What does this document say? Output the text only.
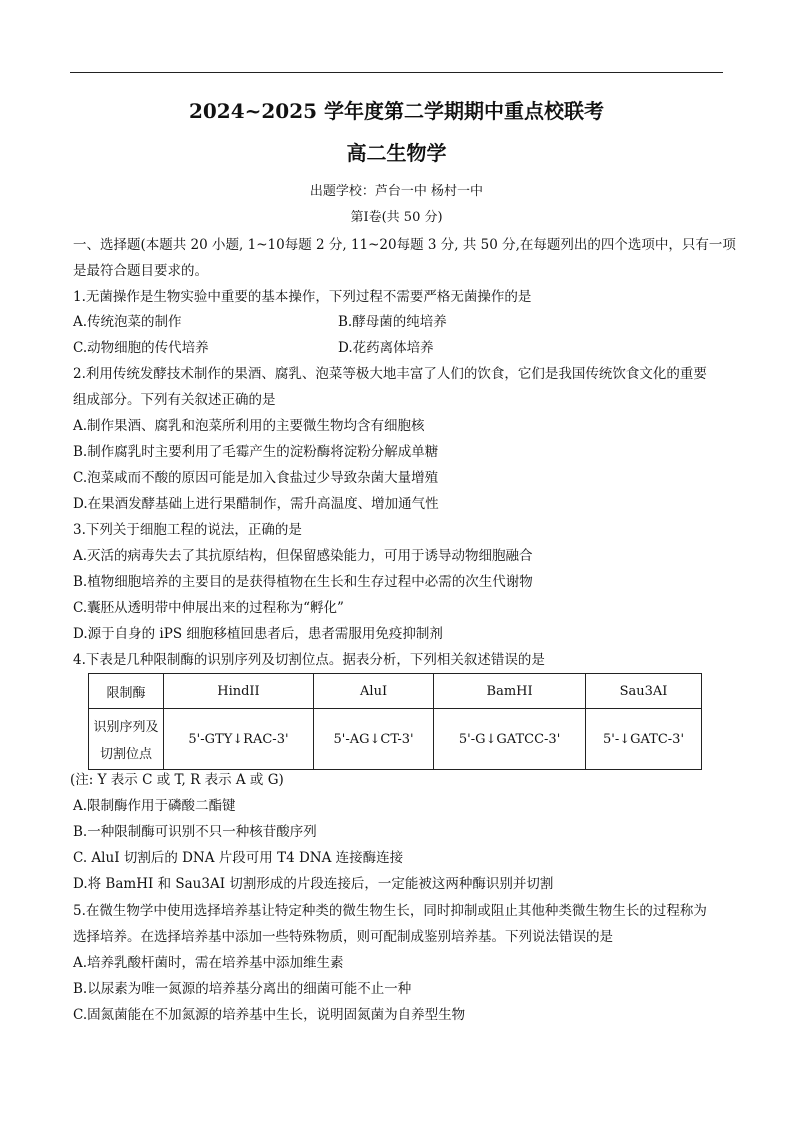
2024~2025 学年度第二学期期中重点校联考
高二生物学
出题学校：芦台一中 杨村一中
第Ⅰ卷(共 50 分)
一、选择题(本题共 20 小题, 1~10每题 2 分, 11~20每题 3 分, 共 50 分,在每题列出的四个选项中，只有一项
是最符合题目要求的。
1.无菌操作是生物实验中重要的基本操作，下列过程不需要严格无菌操作的是
A.传统泡菜的制作	B.酵母菌的纯培养
C.动物细胞的传代培养	D.花药离体培养
2.利用传统发酵技术制作的果酒、腐乳、泡菜等极大地丰富了人们的饮食，它们是我国传统饮食文化的重要
组成部分。下列有关叙述正确的是
A.制作果酒、腐乳和泡菜所利用的主要微生物均含有细胞核
B.制作腐乳时主要利用了毛霉产生的淀粉酶将淀粉分解成单糖
C.泡菜咸而不酸的原因可能是加入食盐过少导致杂菌大量增殖
D.在果酒发酵基础上进行果醋制作，需升高温度、增加通气性
3.下列关于细胞工程的说法，正确的是
A.灭活的病毒失去了其抗原结构，但保留感染能力，可用于诱导动物细胞融合
B.植物细胞培养的主要目的是获得植物在生长和生存过程中必需的次生代谢物
C.囊胚从透明带中伸展出来的过程称为“孵化”
D.源于自身的 iPS 细胞移植回患者后，患者需服用免疫抑制剂
4.下表是几种限制酶的识别序列及切割位点。据表分析，下列相关叙述错误的是
限制酶	HindII	AluI	BamHI	Sau3AI

识别序列及
切割位点	5'-GTY↓RAC-3'	5'-AG↓CT-3'	5'-G↓GATCC-3'	5'-↓GATC-3'
(注: Y 表示 C 或 T, R 表示 A 或 G)
A.限制酶作用于磷酸二酯键
B.一种限制酶可识别不只一种核苷酸序列
C. AluI 切割后的 DNA 片段可用 T4 DNA 连接酶连接
D.将 BamHI 和 Sau3AI 切割形成的片段连接后，一定能被这两种酶识别并切割
5.在微生物学中使用选择培养基让特定种类的微生物生长，同时抑制或阻止其他种类微生物生长的过程称为
选择培养。在选择培养基中添加一些特殊物质，则可配制成鉴别培养基。下列说法错误的是
A.培养乳酸杆菌时，需在培养基中添加维生素
B.以尿素为唯一氮源的培养基分离出的细菌可能不止一种
C.固氮菌能在不加氮源的培养基中生长，说明固氮菌为自养型生物
